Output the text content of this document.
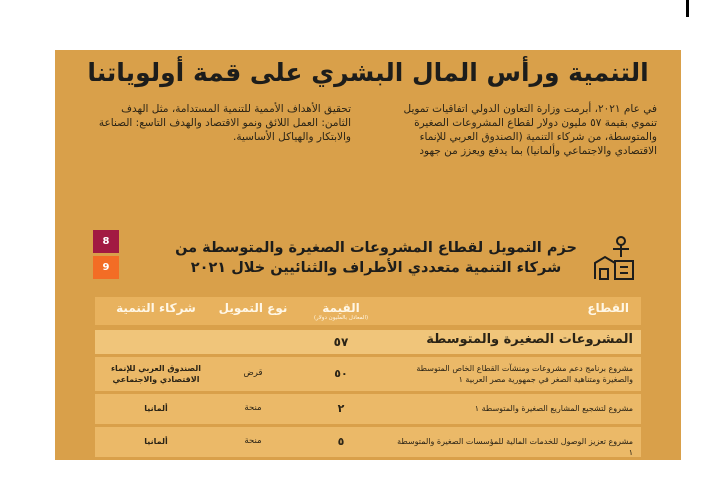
التنمية ورأس المال البشري على قمة أولوياتنا

في عام ٢٠٢١، أبرمت وزارة التعاون الدولي اتفاقيات تمويل تنموي بقيمة ٥٧ مليون دولار لقطاع المشروعات الصغيرة والمتوسطة، من شركاء التنمية (الصندوق العربي للإنماء الاقتصادي والاجتماعي وألمانيا) بما يدفع ويعزز من جهود

تحقيق الأهداف الأممية للتنمية المستدامة، مثل الهدف الثامن: العمل اللائق ونمو الاقتصاد والهدف التاسع: الصناعة والابتكار والهياكل الأساسية.

8
9

حزم التمويل لقطاع المشروعات الصغيرة والمتوسطة من
شركاء التنمية متعددي الأطراف والثنائيين خلال ٢٠٢١

القطاع
القيمة
(المعادل بالمليون دولار)
نوع التمويل
شركاء التنمية
المشروعات الصغيرة والمتوسطة
٥٧
مشروع برنامج دعم مشروعات ومنشآت القطاع الخاص المتوسطة والصغيرة ومتناهية الصغر في جمهورية مصر العربية ١
٥٠
قرض
الصندوق العربي للإنماء الاقتصادي والاجتماعي
مشروع لتشجيع المشاريع الصغيرة والمتوسطة ١
٢
منحة
ألمانيا
مشروع تعزيز الوصول للخدمات المالية للمؤسسات الصغيرة والمتوسطة ١
٥
منحة
ألمانيا
